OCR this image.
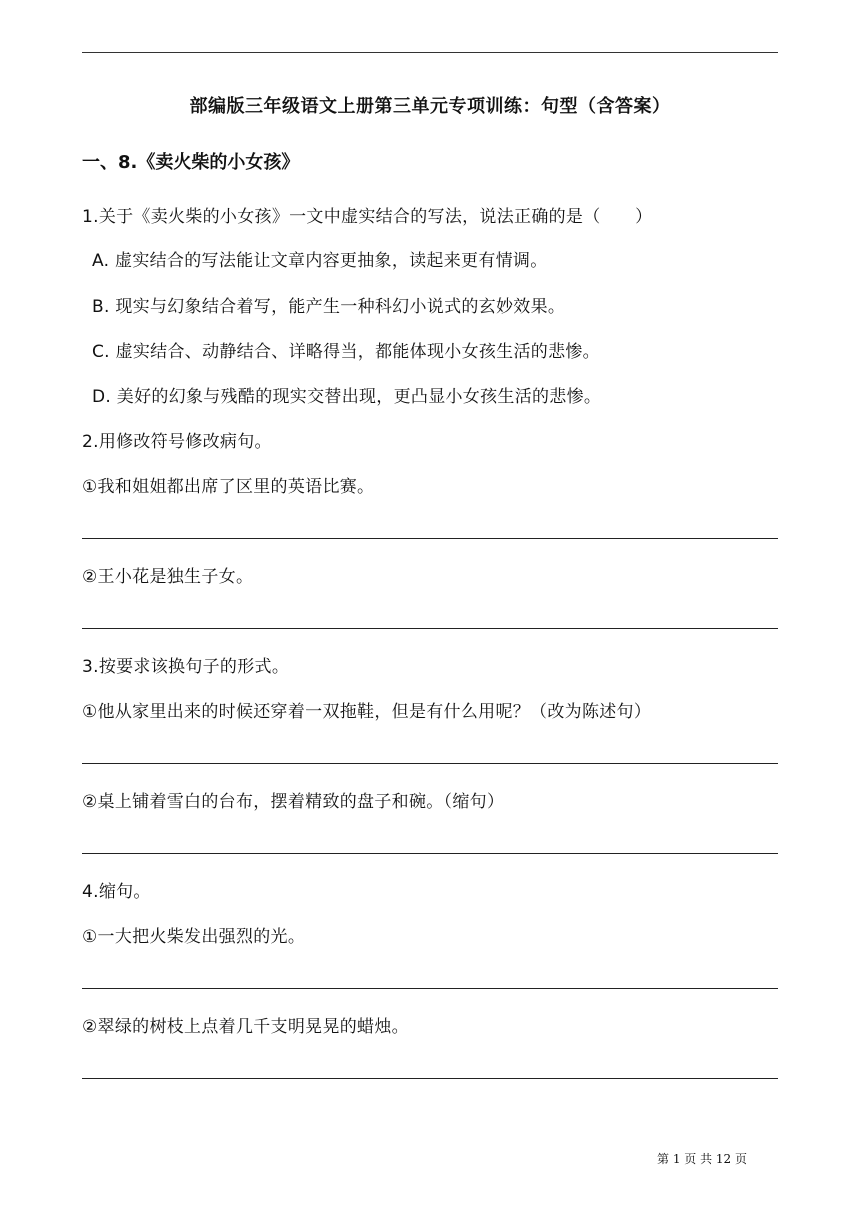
部编版三年级语文上册第三单元专项训练：句型（含答案）
一、8.《卖火柴的小女孩》
1.关于《卖火柴的小女孩》一文中虚实结合的写法，说法正确的是（　　）
A. 虚实结合的写法能让文章内容更抽象，读起来更有情调。
B. 现实与幻象结合着写，能产生一种科幻小说式的玄妙效果。
C. 虚实结合、动静结合、详略得当，都能体现小女孩生活的悲惨。
D. 美好的幻象与残酷的现实交替出现，更凸显小女孩生活的悲惨。
2.用修改符号修改病句。
①我和姐姐都出席了区里的英语比赛。
②王小花是独生子女。
3.按要求该换句子的形式。
①他从家里出来的时候还穿着一双拖鞋，但是有什么用呢？（改为陈述句）
②桌上铺着雪白的台布，摆着精致的盘子和碗。（缩句）
4.缩句。
①一大把火柴发出强烈的光。
②翠绿的树枝上点着几千支明晃晃的蜡烛。
第 1 页 共 12 页
